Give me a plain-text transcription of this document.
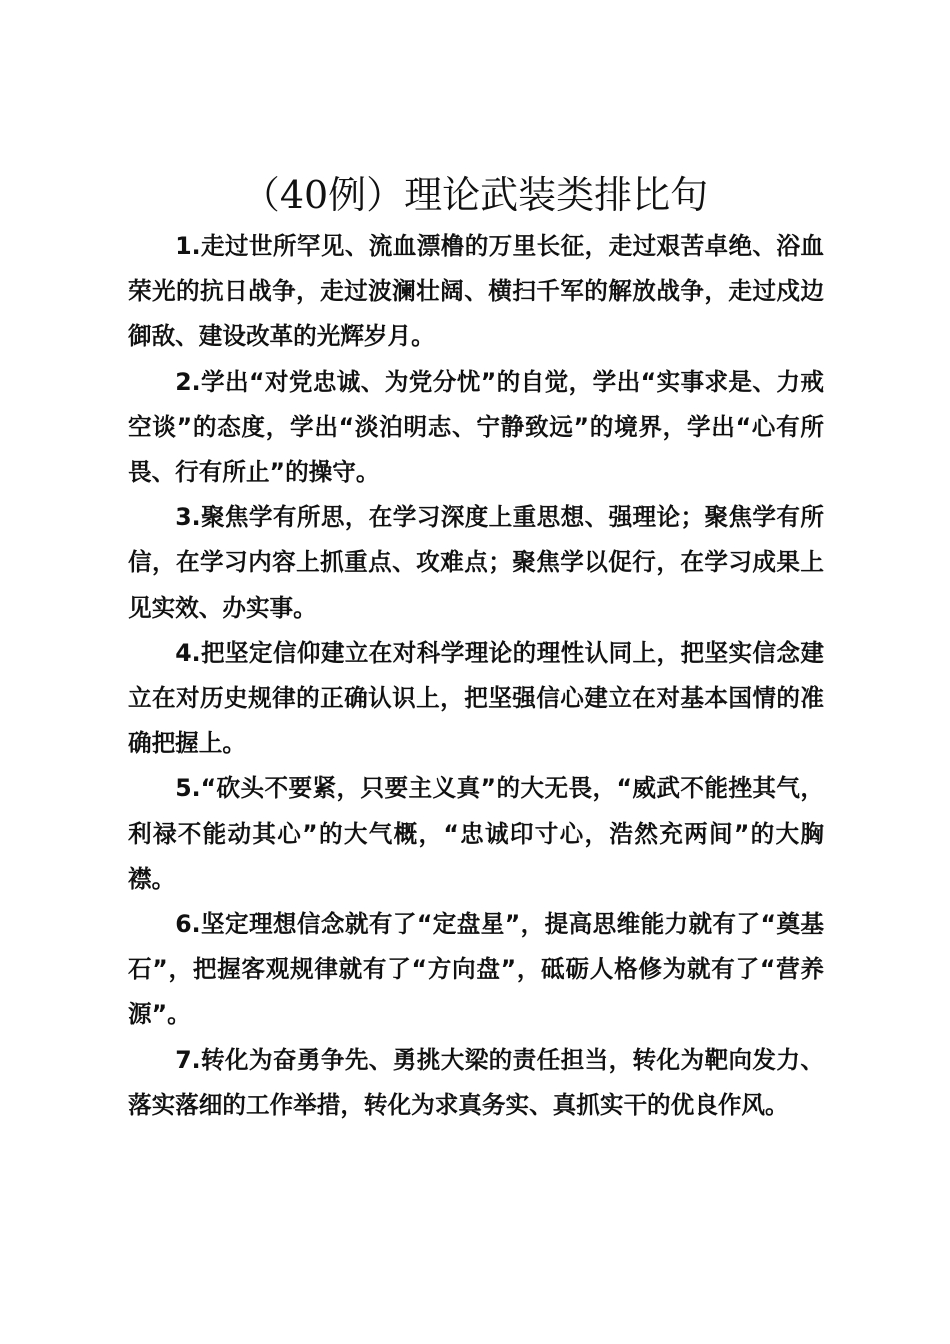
（40例）理论武装类排比句

1.走过世所罕见、流血漂橹的万里长征，走过艰苦卓绝、浴血荣光的抗日战争，走过波澜壮阔、横扫千军的解放战争，走过戍边御敌、建设改革的光辉岁月。

2.学出“对党忠诚、为党分忧”的自觉，学出“实事求是、力戒空谈”的态度，学出“淡泊明志、宁静致远”的境界，学出“心有所畏、行有所止”的操守。

3.聚焦学有所思，在学习深度上重思想、强理论；聚焦学有所信，在学习内容上抓重点、攻难点；聚焦学以促行，在学习成果上见实效、办实事。

4.把坚定信仰建立在对科学理论的理性认同上，把坚实信念建立在对历史规律的正确认识上，把坚强信心建立在对基本国情的准确把握上。

5.“砍头不要紧，只要主义真”的大无畏，“威武不能挫其气，利禄不能动其心”的大气概，“忠诚印寸心，浩然充两间”的大胸襟。

6.坚定理想信念就有了“定盘星”，提高思维能力就有了“奠基石”，把握客观规律就有了“方向盘”，砥砺人格修为就有了“营养源”。

7.转化为奋勇争先、勇挑大梁的责任担当，转化为靶向发力、落实落细的工作举措，转化为求真务实、真抓实干的优良作风。
